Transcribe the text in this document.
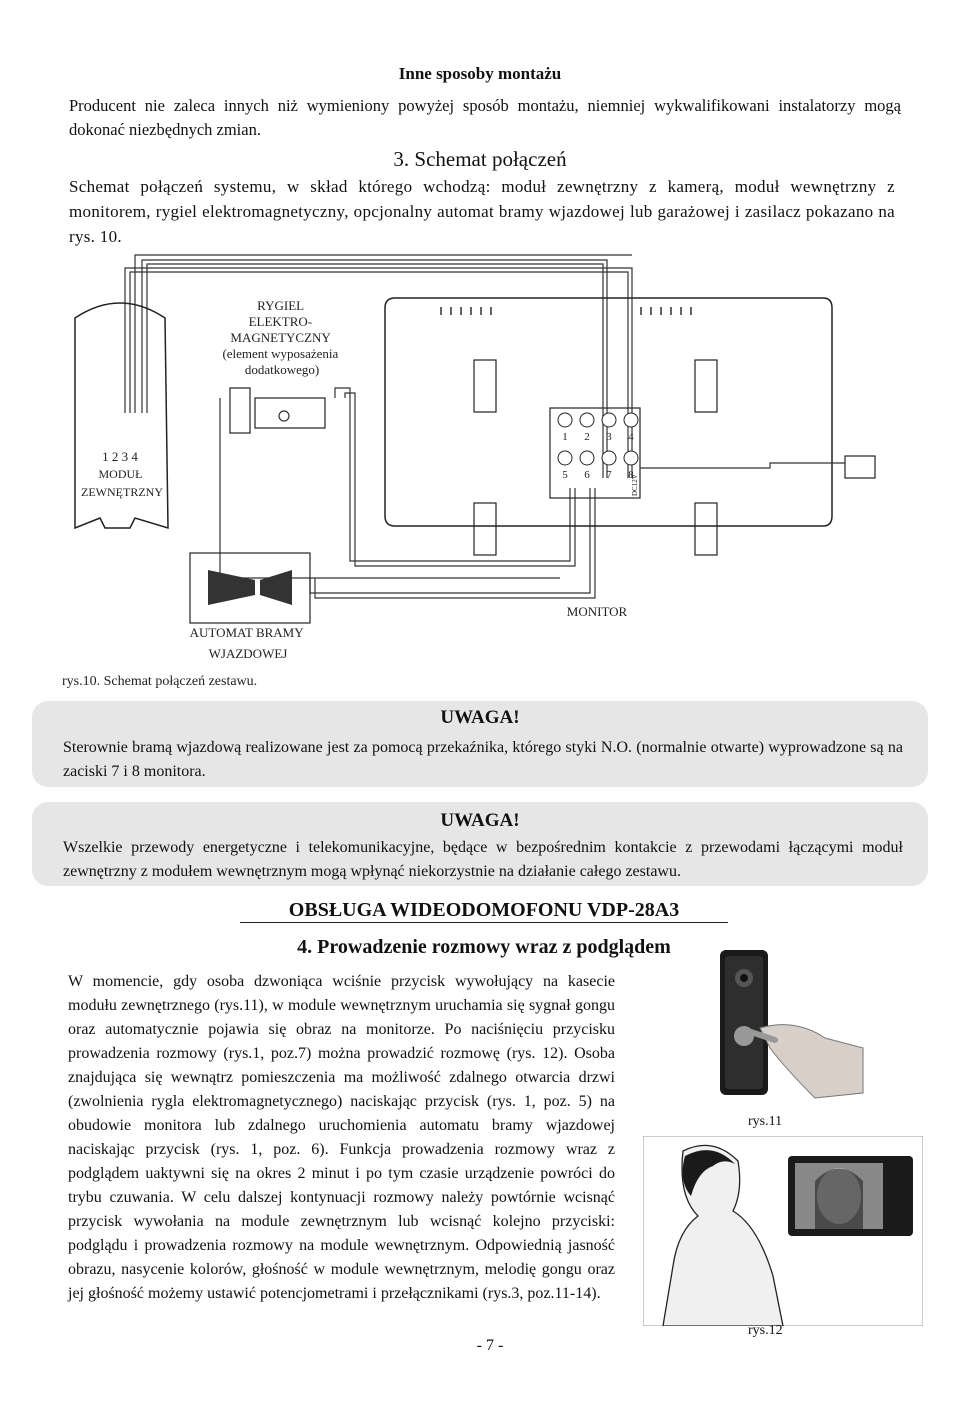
Inne sposoby montażu
Producent nie zaleca innych niż wymieniony powyżej sposób montażu, niemniej wykwalifikowani instalatorzy mogą dokonać niezbędnych zmian.
3. Schemat połączeń
Schemat połączeń systemu, w skład którego wchodzą: moduł zewnętrzny z kamerą, moduł wewnętrzny z monitorem, rygiel elektromagnetyczny, opcjonalny automat bramy wjazdowej lub garażowej i zasilacz pokazano na rys. 10.
RYGIEL ELEKTRO- MAGNETYCZNY (element wyposażenia dodatkowego)
1 2 3 4
MODUŁ ZEWNĘTRZNY
1 2 3 4
5 6 7 8
DC12V
AUTOMAT BRAMY WJAZDOWEJ
MONITOR
rys.10. Schemat połączeń zestawu.
UWAGA!
Sterownie bramą wjazdową realizowane jest za pomocą przekaźnika, którego styki N.O. (normalnie otwarte) wyprowadzone są na zaciski 7 i 8 monitora.
UWAGA!
Wszelkie przewody energetyczne i telekomunikacyjne, będące w bezpośrednim kontakcie z przewodami łączącymi moduł zewnętrzny z modułem wewnętrznym mogą wpłynąć niekorzystnie na działanie całego zestawu.
OBSŁUGA WIDEODOMOFONU VDP-28A3
4. Prowadzenie rozmowy wraz z podglądem
W momencie, gdy osoba dzwoniąca wciśnie przycisk wywołujący na kasecie modułu zewnętrznego (rys.11), w module wewnętrznym uruchamia się sygnał gongu oraz automatycznie pojawia się obraz na monitorze. Po naciśnięciu przycisku prowadzenia rozmowy (rys.1, poz.7) można prowadzić rozmowę (rys. 12). Osoba znajdująca się wewnątrz pomieszczenia ma możliwość zdalnego otwarcia drzwi (zwolnienia rygla elektromagnetycznego) naciskając przycisk (rys. 1, poz. 5) na obudowie monitora lub zdalnego uruchomienia automatu bramy wjazdowej naciskając przycisk (rys. 1, poz. 6). Funkcja prowadzenia rozmowy wraz z podglądem uaktywni się na okres 2 minut i po tym czasie urządzenie powróci do trybu czuwania. W celu dalszej kontynuacji rozmowy należy powtórnie wcisnąć przycisk wywołania na module zewnętrznym lub wcisnąć kolejno przyciski: podglądu i prowadzenia rozmowy na module wewnętrznym. Odpowiednią jasność obrazu, nasycenie kolorów, głośność w module wewnętrznym, melodię gongu oraz jej głośność możemy ustawić potencjometrami i przełącznikami (rys.3, poz.11-14).
rys.11
rys.12
- 7 -
